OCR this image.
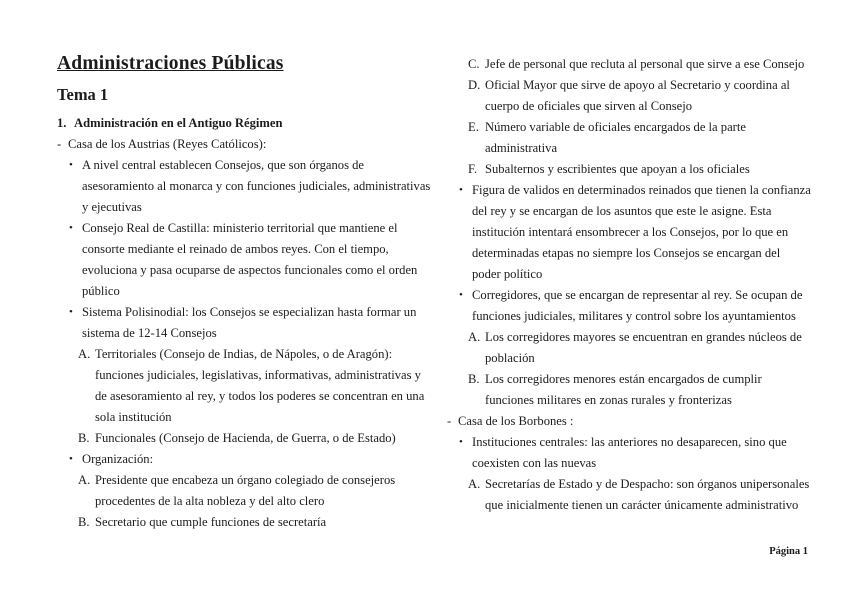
Administraciones Públicas
Tema 1
1. Administración en el Antiguo Régimen
- Casa de los Austrias (Reyes Católicos):
• A nivel central establecen Consejos, que son órganos de asesoramiento al monarca y con funciones judiciales, administrativas y ejecutivas
• Consejo Real de Castilla: ministerio territorial que mantiene el consorte mediante el reinado de ambos reyes. Con el tiempo, evoluciona y pasa ocuparse de aspectos funcionales como el orden público
• Sistema Polisinodial: los Consejos se especializan hasta formar un sistema de 12-14 Consejos
A. Territoriales (Consejo de Indias, de Nápoles, o de Aragón): funciones judiciales, legislativas, informativas, administrativas y de asesoramiento al rey, y todos los poderes se concentran en una sola institución
B. Funcionales (Consejo de Hacienda, de Guerra, o de Estado)
• Organización:
A. Presidente que encabeza un órgano colegiado de consejeros procedentes de la alta nobleza y del alto clero
B. Secretario que cumple funciones de secretaría
C. Jefe de personal que recluta al personal que sirve a ese Consejo
D. Oficial Mayor que sirve de apoyo al Secretario y coordina al cuerpo de oficiales que sirven al Consejo
E. Número variable de oficiales encargados de la parte administrativa
F. Subalternos y escribientes que apoyan a los oficiales
• Figura de validos en determinados reinados que tienen la confianza del rey y se encargan de los asuntos que este le asigne. Esta institución intentará ensombrecer a los Consejos, por lo que en determinadas etapas no siempre los Consejos se encargan del poder político
• Corregidores, que se encargan de representar al rey. Se ocupan de funciones judiciales, militares y control sobre los ayuntamientos
A. Los corregidores mayores se encuentran en grandes núcleos de población
B. Los corregidores menores están encargados de cumplir funciones militares en zonas rurales y fronterizas
- Casa de los Borbones :
• Instituciones centrales: las anteriores no desaparecen, sino que coexisten con las nuevas
A. Secretarías de Estado y de Despacho: son órganos unipersonales que inicialmente tienen un carácter únicamente administrativo
Página 1
